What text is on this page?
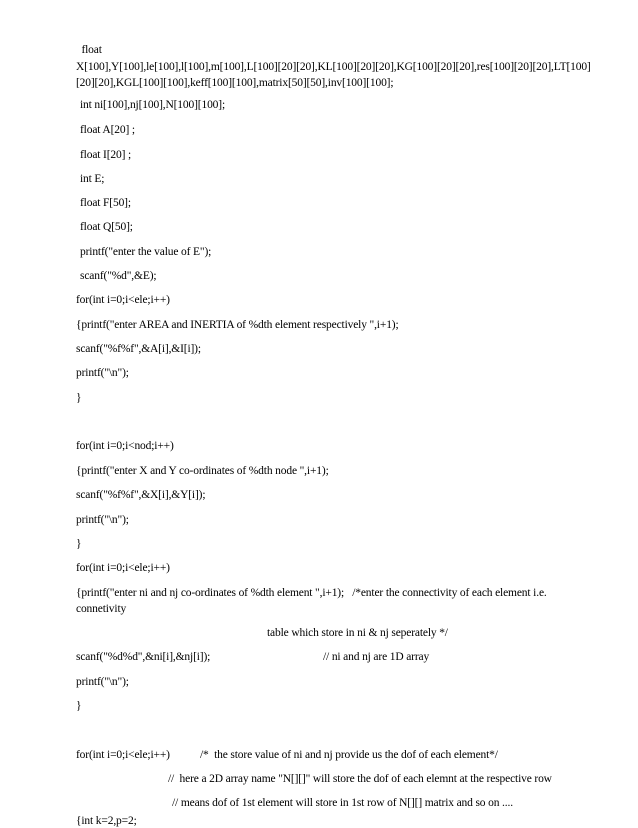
float
X[100],Y[100],le[100],l[100],m[100],L[100][20][20],KL[100][20][20],KG[100][20][20],res[100][20][20],LT[100]
[20][20],KGL[100][100],keff[100][100],matrix[50][50],inv[100][100];
int ni[100],nj[100],N[100][100];
float A[20] ;
float I[20] ;
int E;
float F[50];
float Q[50];
printf("enter the value of E");
scanf("%d",&E);
for(int i=0;i<ele;i++)
{printf("enter AREA and INERTIA of %dth element respectively ",i+1);
scanf("%f%f",&A[i],&I[i]);
printf("\n");
}
for(int i=0;i<nod;i++)
{printf("enter X and Y co-ordinates of %dth node ",i+1);
scanf("%f%f",&X[i],&Y[i]);
printf("\n");
}
for(int i=0;i<ele;i++)
{printf("enter ni and nj co-ordinates of %dth element ",i+1);   /*enter the connectivity of each element i.e.
connetivity
table which store in ni & nj seperately */
scanf("%d%d",&ni[i],&nj[i]);	// ni and nj are 1D array
printf("\n");
}
for(int i=0;i<ele;i++)	/*  the store value of ni and nj provide us the dof of each element*/
//  here a 2D array name "N[][]" will store the dof of each elemnt at the respective row
// means dof of 1st element will store in 1st row of N[][] matrix and so on ....
{int k=2,p=2;
